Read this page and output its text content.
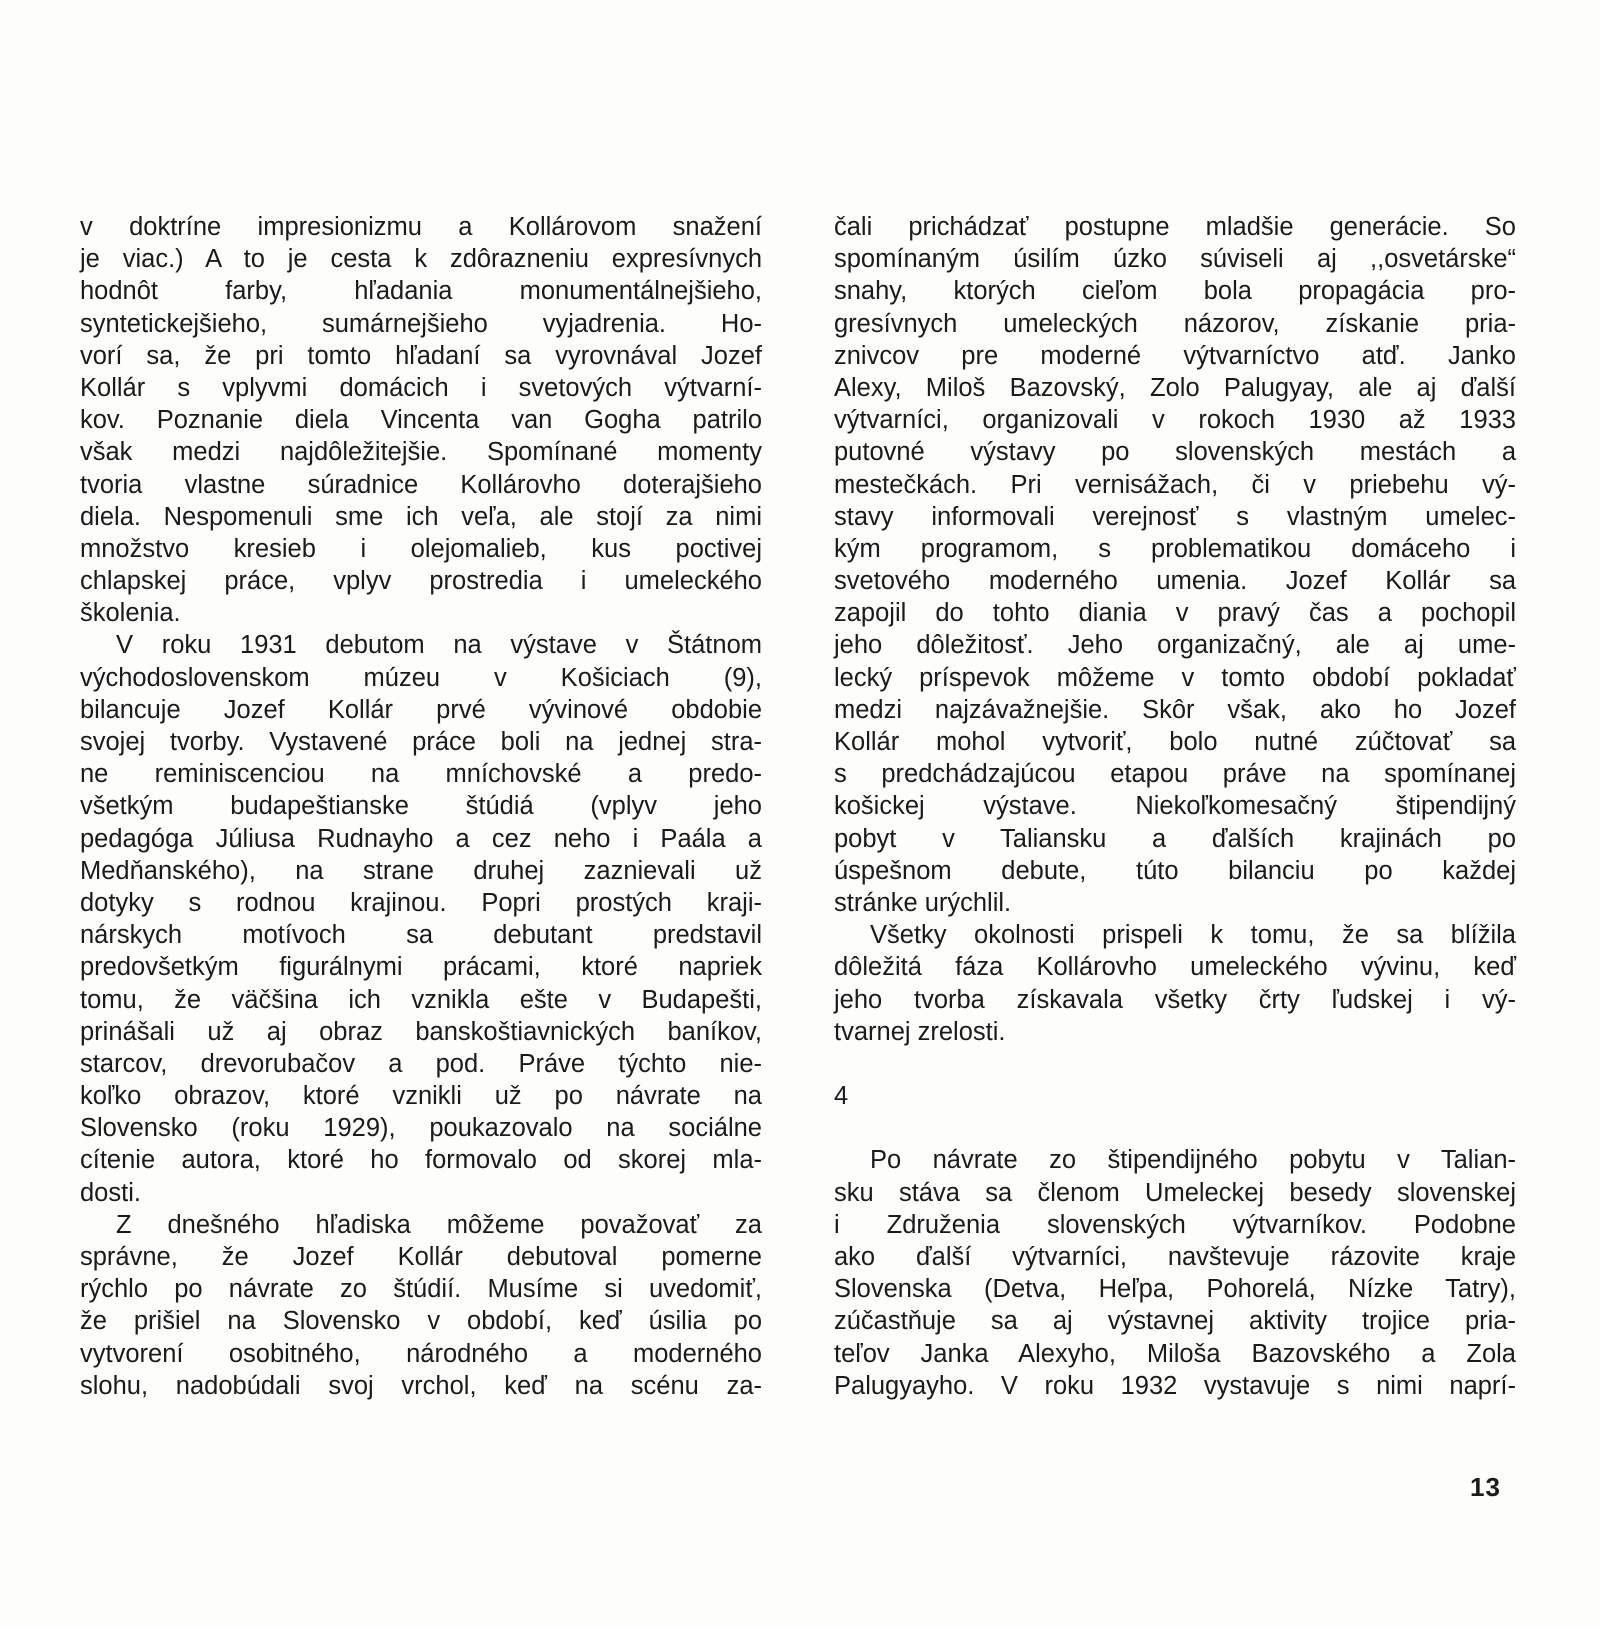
v doktríne impresionizmu a Kollárovom snažení
je viac.) A to je cesta k zdôrazneniu expresívnych
hodnôt farby, hľadania monumentálnejšieho,
syntetickejšieho, sumárnejšieho vyjadrenia. Ho-
vorí sa, že pri tomto hľadaní sa vyrovnával Jozef
Kollár s vplyvmi domácich i svetových výtvarní-
kov. Poznanie diela Vincenta van Gogha patrilo
však medzi najdôležitejšie. Spomínané momenty
tvoria vlastne súradnice Kollárovho doterajšieho
diela. Nespomenuli sme ich veľa, ale stojí za nimi
množstvo kresieb i olejomalieb, kus poctivej
chlapskej práce, vplyv prostredia i umeleckého
školenia.
V roku 1931 debutom na výstave v Štátnom
východoslovenskom múzeu v Košiciach (9),
bilancuje Jozef Kollár prvé vývinové obdobie
svojej tvorby. Vystavené práce boli na jednej stra-
ne reminiscenciou na mníchovské a predo-
všetkým budapeštianske štúdiá (vplyv jeho
pedagóga Júliusa Rudnayho a cez neho i Paála a
Medňanského), na strane druhej zaznievali už
dotyky s rodnou krajinou. Popri prostých kraji-
nárskych motívoch sa debutant predstavil
predovšetkým figurálnymi prácami, ktoré napriek
tomu, že väčšina ich vznikla ešte v Budapešti,
prinášali už aj obraz banskoštiavnických baníkov,
starcov, drevorubačov a pod. Práve týchto nie-
koľko obrazov, ktoré vznikli už po návrate na
Slovensko (roku 1929), poukazovalo na sociálne
cítenie autora, ktoré ho formovalo od skorej mla-
dosti.
Z dnešného hľadiska môžeme považovať za
správne, že Jozef Kollár debutoval pomerne
rýchlo po návrate zo štúdií. Musíme si uvedomiť,
že prišiel na Slovensko v období, keď úsilia po
vytvorení osobitného, národného a moderného
slohu, nadobúdali svoj vrchol, keď na scénu za-
čali prichádzať postupne mladšie generácie. So
spomínaným úsilím úzko súviseli aj ,,osvetárske“
snahy, ktorých cieľom bola propagácia pro-
gresívnych umeleckých názorov, získanie pria-
znivcov pre moderné výtvarníctvo atď. Janko
Alexy, Miloš Bazovský, Zolo Palugyay, ale aj ďalší
výtvarníci, organizovali v rokoch 1930 až 1933
putovné výstavy po slovenských mestách a
mestečkách. Pri vernisážach, či v priebehu vý-
stavy informovali verejnosť s vlastným umelec-
kým programom, s problematikou domáceho i
svetového moderného umenia. Jozef Kollár sa
zapojil do tohto diania v pravý čas a pochopil
jeho dôležitosť. Jeho organizačný, ale aj ume-
lecký príspevok môžeme v tomto období pokladať
medzi najzávažnejšie. Skôr však, ako ho Jozef
Kollár mohol vytvoriť, bolo nutné zúčtovať sa
s predchádzajúcou etapou práve na spomínanej
košickej výstave. Niekoľkomesačný štipendijný
pobyt v Taliansku a ďalších krajinách po
úspešnom debute, túto bilanciu po každej
stránke urýchlil.
Všetky okolnosti prispeli k tomu, že sa blížila
dôležitá fáza Kollárovho umeleckého vývinu, keď
jeho tvorba získavala všetky črty ľudskej i vý-
tvarnej zrelosti.
4
Po návrate zo štipendijného pobytu v Talian-
sku stáva sa členom Umeleckej besedy slovenskej
i Združenia slovenských výtvarníkov. Podobne
ako ďalší výtvarníci, navštevuje rázovite kraje
Slovenska (Detva, Heľpa, Pohorelá, Nízke Tatry),
zúčastňuje sa aj výstavnej aktivity trojice pria-
teľov Janka Alexyho, Miloša Bazovského a Zola
Palugyayho. V roku 1932 vystavuje s nimi naprí-
13
